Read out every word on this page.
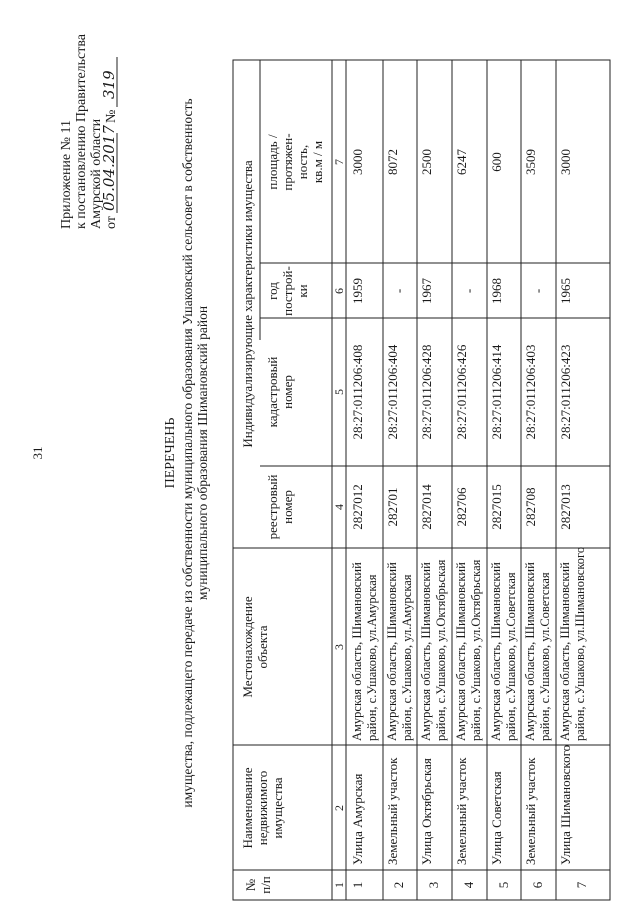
31
Приложение № 11 к постановлению Правительства Амурской области от
05.04.2017
№
319
ПЕРЕЧЕНЬ имущества, подлежащего передаче из собственности муниципального образования Ушаковский сельсовет в собственность муниципального образования Шимановский район
№ п/п
Наименование недвижимого имущества
Местонахождение объекта
Индивидуализирующие характеристики имущества
реестровый номер
кадастровый номер
год построй- ки
площадь / протяжен- ность, кв.м / м
1
2
3
4
5
6
7
1
Улица Амурская
Амурская область, Шимановский район, с.Ушаково, ул.Амурская
2827012
28:27:011206:408
1959
3000
2
Земельный участок
Амурская область, Шимановский район, с.Ушаково, ул.Амурская
282701
28:27:011206:404
-
8072
3
Улица Октябрьская
Амурская область, Шимановский район, с.Ушаково, ул.Октябрьская
2827014
28:27:011206:428
1967
2500
4
Земельный участок
Амурская область, Шимановский район, с.Ушаково, ул.Октябрьская
282706
28:27:011206:426
-
6247
5
Улица Советская
Амурская область, Шимановский район, с.Ушаково, ул.Советская
2827015
28:27:011206:414
1968
600
6
Земельный участок
Амурская область, Шимановский район, с.Ушаково, ул.Советская
282708
28:27:011206:403
-
3509
7
Улица Шимановского
Амурская область, Шимановский район, с.Ушаково, ул.Шимановского
2827013
28:27:011206:423
1965
3000
